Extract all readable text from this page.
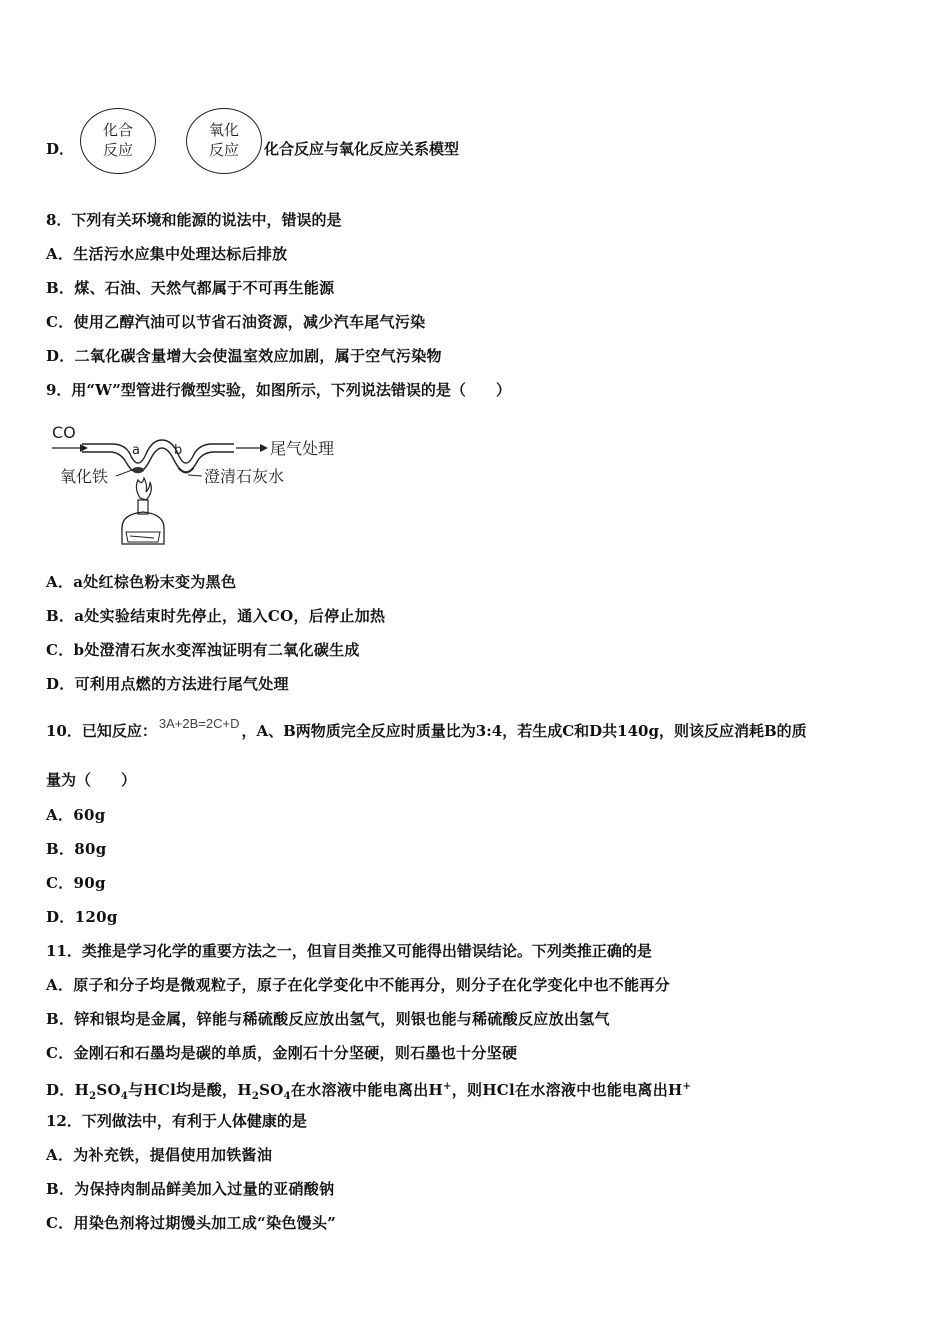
D．
化合
反应
氧化
反应	化合反应与氧化反应关系模型
8．下列有关环境和能源的说法中，错误的是
A．生活污水应集中处理达标后排放
B．煤、石油、天然气都属于不可再生能源
C．使用乙醇汽油可以节省石油资源，减少汽车尾气污染
D．二氧化碳含量增大会使温室效应加剧，属于空气污染物
9．用“W”型管进行微型实验，如图所示，下列说法错误的是（　　）
CO
a	b	尾气处理
氧化铁	澄清石灰水
A．a处红棕色粉末变为黑色
B．a处实验结束时先停止，通入CO，后停止加热
C．b处澄清石灰水变浑浊证明有二氧化碳生成
D．可利用点燃的方法进行尾气处理
10．已知反应： 3A+2B=2C+D ，A、B两物质完全反应时质量比为3:4，若生成C和D共140g，则该反应消耗B的质
量为（　　）
A．60g
B．80g
C．90g
D．120g
11．类推是学习化学的重要方法之一，但盲目类推又可能得出错误结论。下列类推正确的是
A．原子和分子均是微观粒子，原子在化学变化中不能再分，则分子在化学变化中也不能再分
B．锌和银均是金属，锌能与稀硫酸反应放出氢气，则银也能与稀硫酸反应放出氢气
C．金刚石和石墨均是碳的单质，金刚石十分坚硬，则石墨也十分坚硬
D．$H_2SO_4$与HCl均是酸，$H_2SO_4$在水溶液中能电离出H+，则HCl在水溶液中也能电离出H+
12．下列做法中，有利于人体健康的是
A．为补充铁，提倡使用加铁酱油
B．为保持肉制品鲜美加入过量的亚硝酸钠
C．用染色剂将过期馒头加工成“染色馒头”
